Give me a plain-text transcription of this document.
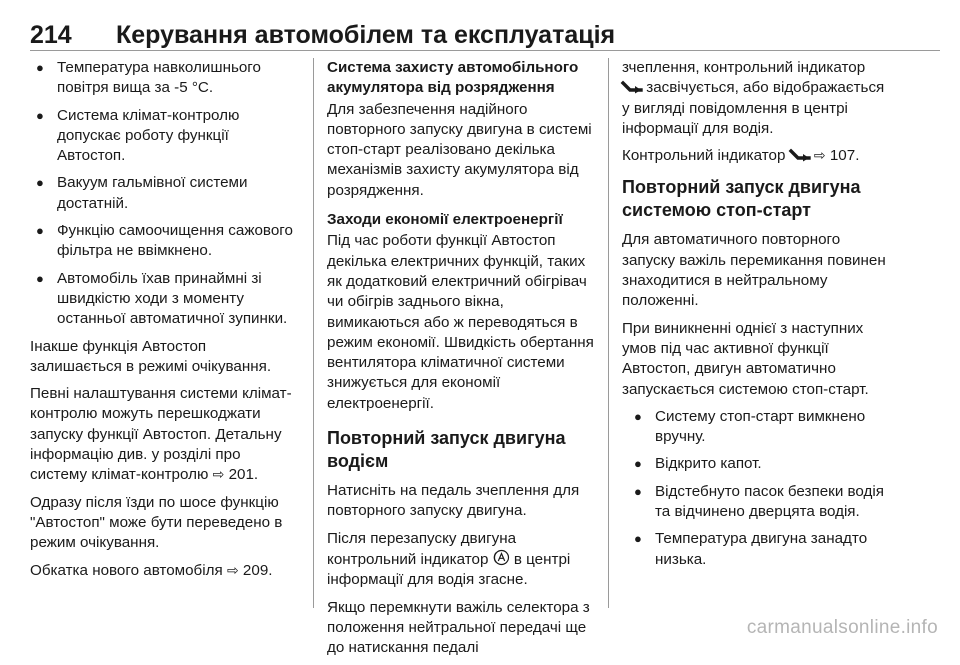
214	Керування автомобілем та експлуатація
● Температура навколишнього повітря вища за -5 °C.
● Система клімат-контролю допускає роботу функції Автостоп.
● Вакуум гальмівної системи достатній.
● Функцію самоочищення сажового фільтра не ввімкнено.
● Автомобіль їхав принаймні зі швидкістю ходи з моменту останньої автоматичної зупинки.

Інакше функція Автостоп залишається в режимі очікування.

Певні налаштування системи клімат-контролю можуть перешкоджати запуску функції Автостоп. Детальну інформацію див. у розділі про систему клімат-контролю ⇨ 201.

Одразу після їзди по шосе функцію "Автостоп" може бути переведено в режим очікування.

Обкатка нового автомобіля ⇨ 209.

Система захисту автомобільного акумулятора від розрядження

Для забезпечення надійного повторного запуску двигуна в системі стоп-старт реалізовано декілька механізмів захисту акумулятора від розрядження.

Заходи економії електроенергії

Під час роботи функції Автостоп декілька електричних функцій, таких як додатковий електричний обігрівач чи обігрів заднього вікна, вимикаються або ж переводяться в режим економії. Швидкість обертання вентилятора кліматичної системи знижується для економії електроенергії.

Повторний запуск двигуна водієм

Натисніть на педаль зчеплення для повторного запуску двигуна.

Після перезапуску двигуна контрольний індикатор в центрі інформації для водія згасне.

Якщо перемкнути важіль селектора з положення нейтральної передачі ще до натискання педалі

зчеплення, контрольний індикатор  засвічується, або відображається у вигляді повідомлення в центрі інформації для водія.

Контрольний індикатор ⇨ 107.

Повторний запуск двигуна системою стоп-старт

Для автоматичного повторного запуску важіль перемикання повинен знаходитися в нейтральному положенні.

При виникненні однієї з наступних умов під час активної функції Автостоп, двигун автоматично запускається системою стоп-старт.

● Систему стоп-старт вимкнено вручну.
● Відкрито капот.
● Відстебнуто пасок безпеки водія та відчинено дверцята водія.
● Температура двигуна занадто низька.
carmanualsonline.info
